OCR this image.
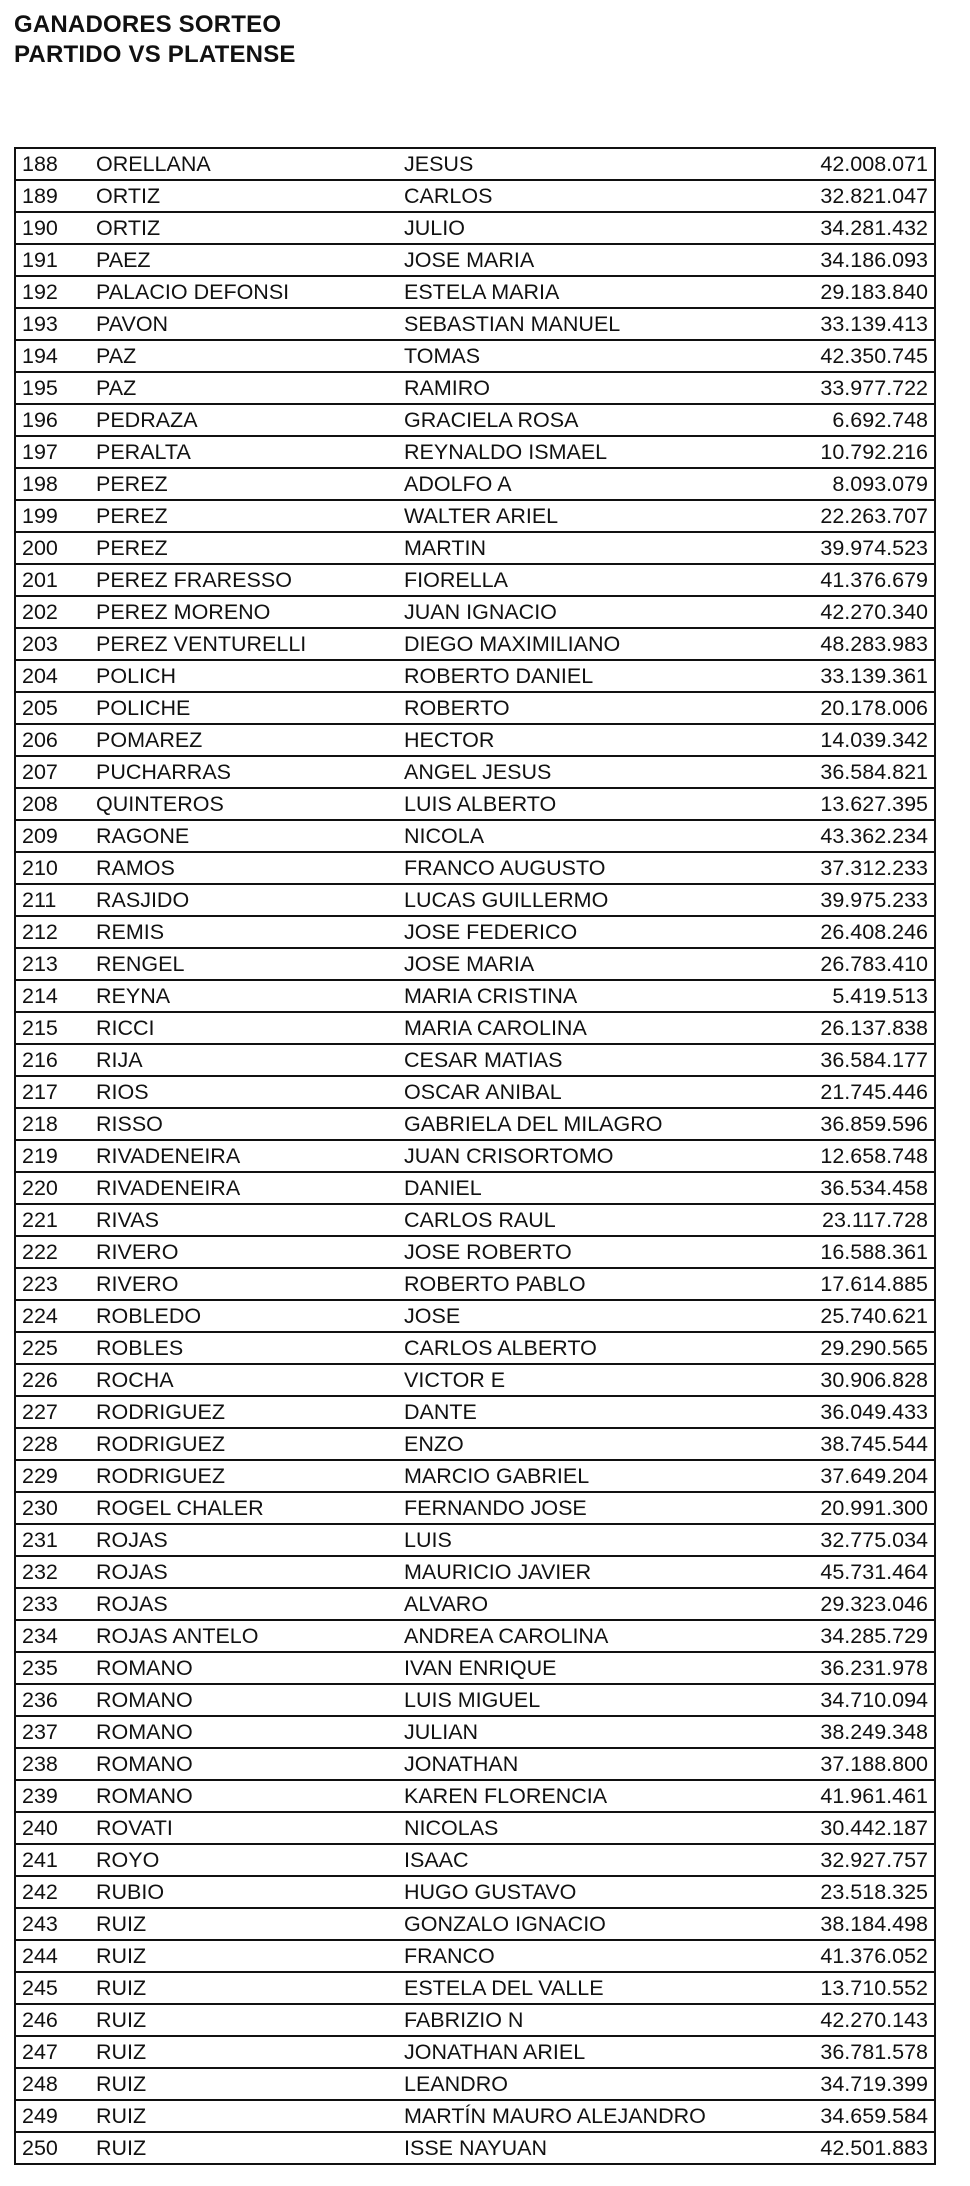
GANADORES SORTEO
PARTIDO VS PLATENSE
188	ORELLANA	JESUS	42.008.071
189	ORTIZ	CARLOS	32.821.047
190	ORTIZ	JULIO	34.281.432
191	PAEZ	JOSE MARIA	34.186.093
192	PALACIO DEFONSI	ESTELA MARIA	29.183.840
193	PAVON	SEBASTIAN MANUEL	33.139.413
194	PAZ	TOMAS	42.350.745
195	PAZ	RAMIRO	33.977.722
196	PEDRAZA	GRACIELA ROSA	6.692.748
197	PERALTA	REYNALDO ISMAEL	10.792.216
198	PEREZ	ADOLFO A	8.093.079
199	PEREZ	WALTER ARIEL	22.263.707
200	PEREZ	MARTIN	39.974.523
201	PEREZ FRARESSO	FIORELLA	41.376.679
202	PEREZ MORENO	JUAN IGNACIO	42.270.340
203	PEREZ VENTURELLI	DIEGO MAXIMILIANO	48.283.983
204	POLICH	ROBERTO DANIEL	33.139.361
205	POLICHE	ROBERTO	20.178.006
206	POMAREZ	HECTOR	14.039.342
207	PUCHARRAS	ANGEL JESUS	36.584.821
208	QUINTEROS	LUIS ALBERTO	13.627.395
209	RAGONE	NICOLA	43.362.234
210	RAMOS	FRANCO AUGUSTO	37.312.233
211	RASJIDO	LUCAS GUILLERMO	39.975.233
212	REMIS	JOSE FEDERICO	26.408.246
213	RENGEL	JOSE MARIA	26.783.410
214	REYNA	MARIA CRISTINA	5.419.513
215	RICCI	MARIA CAROLINA	26.137.838
216	RIJA	CESAR MATIAS	36.584.177
217	RIOS	OSCAR ANIBAL	21.745.446
218	RISSO	GABRIELA DEL MILAGRO	36.859.596
219	RIVADENEIRA	JUAN CRISORTOMO	12.658.748
220	RIVADENEIRA	DANIEL	36.534.458
221	RIVAS	CARLOS RAUL	23.117.728
222	RIVERO	JOSE ROBERTO	16.588.361
223	RIVERO	ROBERTO PABLO	17.614.885
224	ROBLEDO	JOSE	25.740.621
225	ROBLES	CARLOS ALBERTO	29.290.565
226	ROCHA	VICTOR E	30.906.828
227	RODRIGUEZ	DANTE	36.049.433
228	RODRIGUEZ	ENZO	38.745.544
229	RODRIGUEZ	MARCIO GABRIEL	37.649.204
230	ROGEL CHALER	FERNANDO JOSE	20.991.300
231	ROJAS	LUIS	32.775.034
232	ROJAS	MAURICIO JAVIER	45.731.464
233	ROJAS	ALVARO	29.323.046
234	ROJAS ANTELO	ANDREA CAROLINA	34.285.729
235	ROMANO	IVAN ENRIQUE	36.231.978
236	ROMANO	LUIS MIGUEL	34.710.094
237	ROMANO	JULIAN	38.249.348
238	ROMANO	JONATHAN	37.188.800
239	ROMANO	KAREN FLORENCIA	41.961.461
240	ROVATI	NICOLAS	30.442.187
241	ROYO	ISAAC	32.927.757
242	RUBIO	HUGO GUSTAVO	23.518.325
243	RUIZ	GONZALO IGNACIO	38.184.498
244	RUIZ	FRANCO	41.376.052
245	RUIZ	ESTELA DEL VALLE	13.710.552
246	RUIZ	FABRIZIO N	42.270.143
247	RUIZ	JONATHAN ARIEL	36.781.578
248	RUIZ	LEANDRO	34.719.399
249	RUIZ	MARTÍN MAURO ALEJANDRO	34.659.584
250	RUIZ	ISSE NAYUAN	42.501.883
